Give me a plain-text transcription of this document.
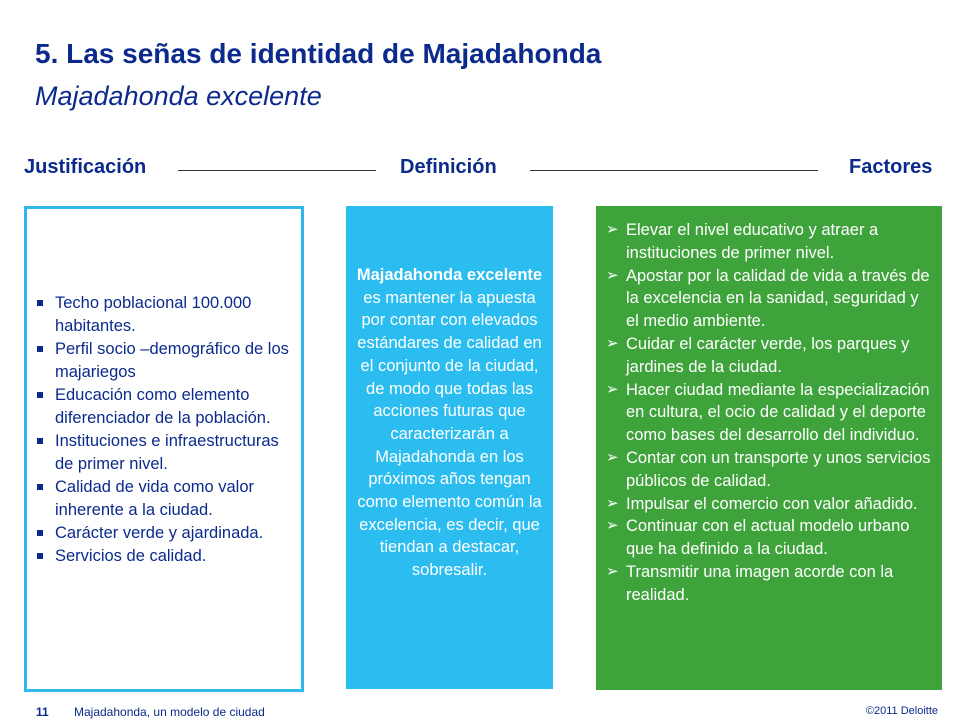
5. Las señas de identidad de Majadahonda
Majadahonda excelente
Justificación	Definición	Factores
Techo poblacional 100.000 habitantes.
Perfil socio –demográfico de los majariegos
Educación como elemento diferenciador de la población.
Instituciones e infraestructuras de primer nivel.
Calidad de vida como valor inherente a la ciudad.
Carácter verde y ajardinada.
Servicios de calidad.
Majadahonda excelente es mantener la apuesta por contar con elevados estándares de calidad en el conjunto de la ciudad, de modo que todas las acciones futuras que caracterizarán a Majadahonda en los próximos años tengan como elemento común la excelencia, es decir, que tiendan a destacar, sobresalir.
➢ Elevar el nivel educativo y atraer a instituciones de primer nivel.
➢ Apostar por la calidad de vida a través de la excelencia en la sanidad, seguridad y el medio ambiente.
➢ Cuidar el carácter verde, los parques y jardines de la ciudad.
➢ Hacer ciudad mediante la especialización en cultura, el ocio de calidad y el deporte como bases del desarrollo del individuo.
➢ Contar con un transporte y unos servicios públicos de calidad.
➢ Impulsar el comercio con valor añadido.
➢ Continuar con el actual modelo urbano que ha definido a la ciudad.
➢ Transmitir una imagen acorde con la realidad.
11 Majadahonda, un modelo de ciudad	©2011 Deloitte
